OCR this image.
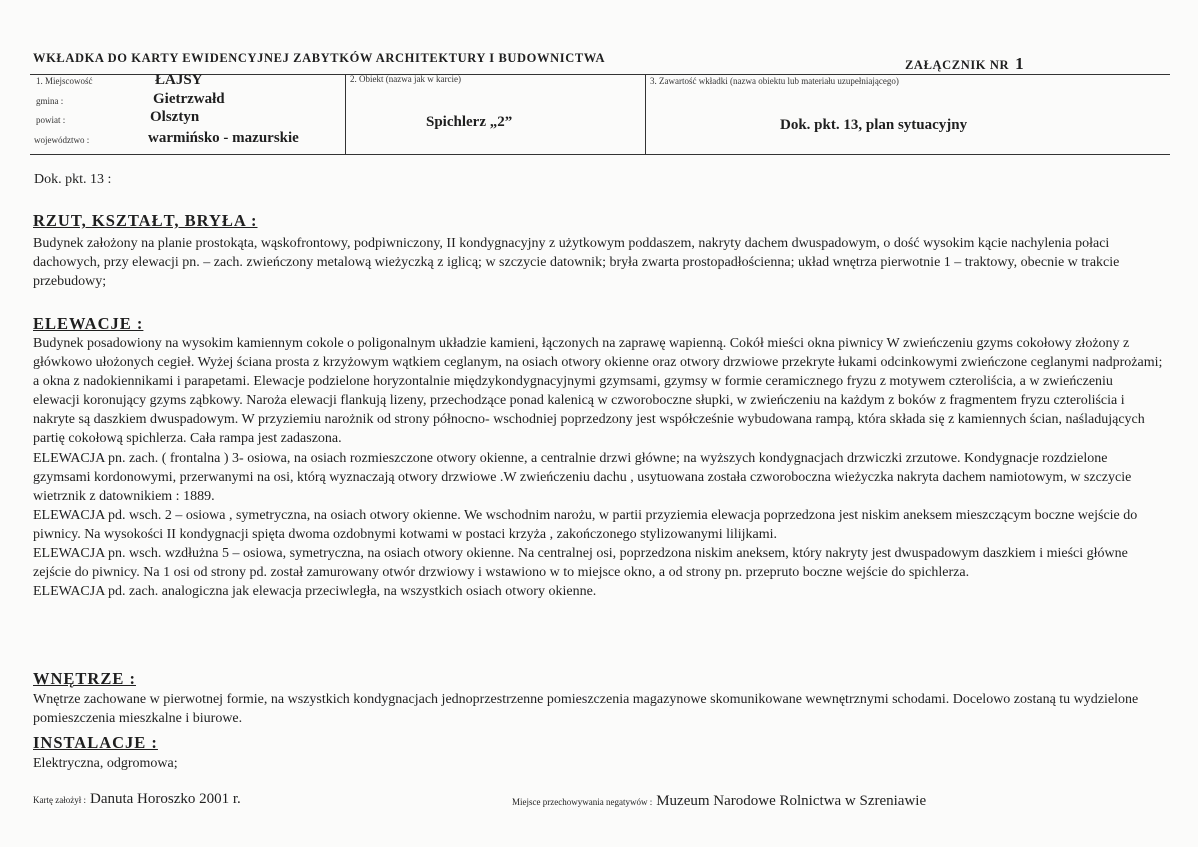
WKŁADKA DO KARTY EWIDENCYJNEJ ZABYTKÓW ARCHITEKTURY I BUDOWNICTWA	ZAŁĄCZNIK NR 1
1. Miejscowość	ŁAJSY
gmina :	Gietrzwałd
powiat :	Olsztyn
województwo :	warmińsko - mazurskie
2. Obiekt (nazwa jak w karcie)
Spichlerz „2”
3. Zawartość wkładki (nazwa obiektu lub materiału uzupełniającego)
Dok. pkt. 13, plan sytuacyjny
Dok. pkt. 13 :
RZUT, KSZTAŁT, BRYŁA :

Budynek założony na planie prostokąta, wąskofrontowy, podpiwniczony, II kondygnacyjny z użytkowym poddaszem, nakryty dachem dwuspadowym, o dość wysokim kącie nachylenia połaci dachowych, przy elewacji pn. – zach. zwieńczony metalową wieżyczką z iglicą; w szczycie datownik; bryła zwarta prostopadłościenna; układ wnętrza pierwotnie 1 – traktowy, obecnie w trakcie przebudowy;

ELEWACJE :

Budynek posadowiony na wysokim kamiennym cokole o poligonalnym układzie kamieni, łączonych na zaprawę wapienną. Cokół mieści okna piwnicy W zwieńczeniu gzyms cokołowy złożony z główkowo ułożonych cegieł. Wyżej ściana prosta z krzyżowym wątkiem ceglanym, na osiach otwory okienne oraz otwory drzwiowe przekryte łukami odcinkowymi zwieńczone ceglanymi nadprożami; a okna z nadokiennikami i parapetami. Elewacje podzielone horyzontalnie międzykondygnacyjnymi gzymsami, gzymsy w formie ceramicznego fryzu z motywem czteroliścia, a w zwieńczeniu elewacji koronujący gzyms ząbkowy. Naroża elewacji flankują lizeny, przechodzące ponad kalenicą w czworoboczne słupki, w zwieńczeniu na każdym z boków z fragmentem fryzu czteroliścia i nakryte są daszkiem dwuspadowym. W przyziemiu narożnik od strony północno- wschodniej poprzedzony jest współcześnie wybudowana rampą, która składa się z kamiennych ścian, naśladujących partię cokołową spichlerza. Cała rampa jest zadaszona.

ELEWACJA pn. zach. ( frontalna ) 3- osiowa, na osiach rozmieszczone otwory okienne, a centralnie drzwi główne; na wyższych kondygnacjach drzwiczki zrzutowe. Kondygnacje rozdzielone gzymsami kordonowymi, przerwanymi na osi, którą wyznaczają otwory drzwiowe .W zwieńczeniu dachu , usytuowana została czworoboczna wieżyczka nakryta dachem namiotowym, w szczycie wietrznik z datownikiem : 1889.

ELEWACJA pd. wsch. 2 – osiowa , symetryczna, na osiach otwory okienne. We wschodnim narożu, w partii przyziemia elewacja poprzedzona jest niskim aneksem mieszczącym boczne wejście do piwnicy. Na wysokości II kondygnacji spięta dwoma ozdobnymi kotwami w postaci krzyża , zakończonego stylizowanymi lilijkami.

ELEWACJA pn. wsch. wzdłużna 5 – osiowa, symetryczna, na osiach otwory okienne. Na centralnej osi, poprzedzona niskim aneksem, który nakryty jest dwuspadowym daszkiem i mieści główne zejście do piwnicy. Na 1 osi od strony pd. został zamurowany otwór drzwiowy i wstawiono w to miejsce okno, a od strony pn. przepruto boczne wejście do spichlerza.

ELEWACJA pd. zach. analogiczna jak elewacja przeciwległa, na wszystkich osiach otwory okienne.

WNĘTRZE :

Wnętrze zachowane w pierwotnej formie, na wszystkich kondygnacjach jednoprzestrzenne pomieszczenia magazynowe skomunikowane wewnętrznymi schodami. Docelowo zostaną tu wydzielone pomieszczenia mieszkalne i biurowe.

INSTALACJE :

Elektryczna, odgromowa;

Kartę założył : Danuta Horoszko 2001 r.	Miejsce przechowywania negatywów : Muzeum Narodowe Rolnictwa w Szreniawie
